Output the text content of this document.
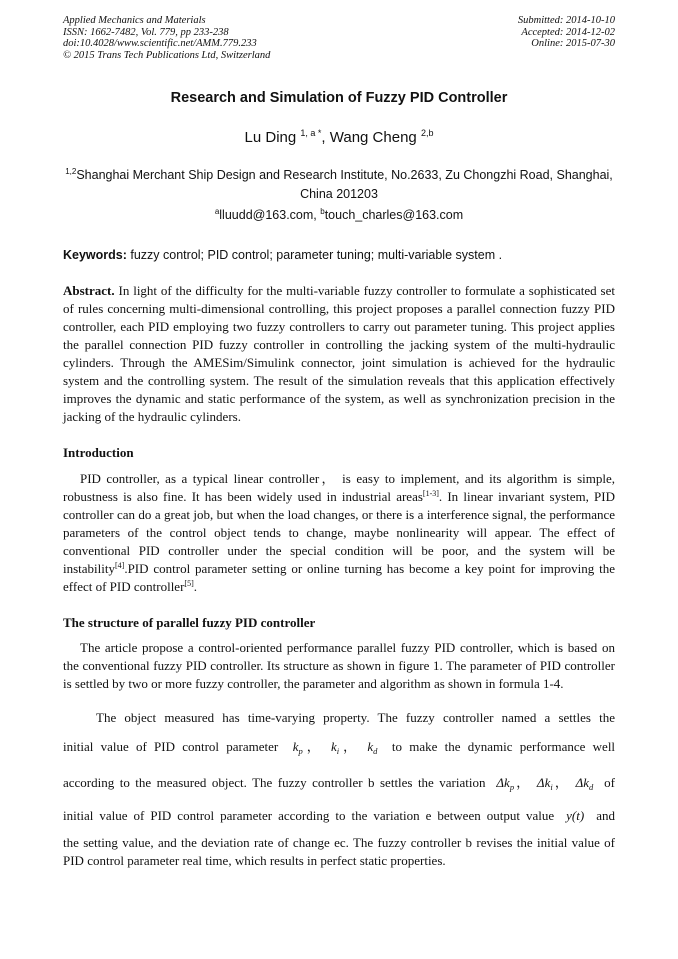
Applied Mechanics and Materials
ISSN: 1662-7482, Vol. 779, pp 233-238
doi:10.4028/www.scientific.net/AMM.779.233
© 2015 Trans Tech Publications Ltd, Switzerland
Submitted: 2014-10-10
Accepted: 2014-12-02
Online: 2015-07-30
Research and Simulation of Fuzzy PID Controller
Lu Ding $^{1, a *}$, Wang Cheng $^{2,b}$
$^{1,2}$Shanghai Merchant Ship Design and Research Institute, No.2633, Zu Chongzhi Road, Shanghai,
China 201203
$^a$lluudd@163.com, $^b$touch_charles@163.com
Keywords: fuzzy control; PID control; parameter tuning; multi-variable system .
Abstract. In light of the difficulty for the multi-variable fuzzy controller to formulate a sophisticated set of rules concerning multi-dimensional controlling, this project proposes a parallel connection fuzzy PID controller, each PID employing two fuzzy controllers to carry out parameter tuning. This project applies the parallel connection PID fuzzy controller in controlling the jacking system of the multi-hydraulic cylinders. Through the AMESim/Simulink connector, joint simulation is achieved for the hydraulic system and the controlling system. The result of the simulation reveals that this application effectively improves the dynamic and static performance of the system, as well as synchronization precision in the jacking of the hydraulic cylinders.
Introduction
PID controller, as a typical linear controller， is easy to implement, and its algorithm is simple, robustness is also fine. It has been widely used in industrial areas[1-3]. In linear invariant system, PID controller can do a great job, but when the load changes, or there is a interference signal, the performance parameters of the control object tends to change, maybe nonlinearity will appear. The effect of conventional PID controller under the special condition will be poor, and the system will be instability[4].PID control parameter setting or online turning has become a key point for improving the effect of PID controller[5].
The structure of parallel fuzzy PID controller
The article propose a control-oriented performance parallel fuzzy PID controller, which is based on the conventional fuzzy PID controller. Its structure as shown in figure 1. The parameter of PID controller is settled by two or more fuzzy controller, the parameter and algorithm as shown in formula 1-4.
The object measured has time-varying property. The fuzzy controller named a settles the
initial value of PID control parameter $k_p$， $k_i$， $k_d$ to make the dynamic performance well
according to the measured object. The fuzzy controller b settles the variation $\Delta k_p$， $\Delta k_i$， $\Delta k_d$ of
initial value of PID control parameter according to the variation e between output value y(t) and
the setting value, and the deviation rate of change ec. The fuzzy controller b revises the initial value of PID control parameter real time, which results in perfect static properties.
